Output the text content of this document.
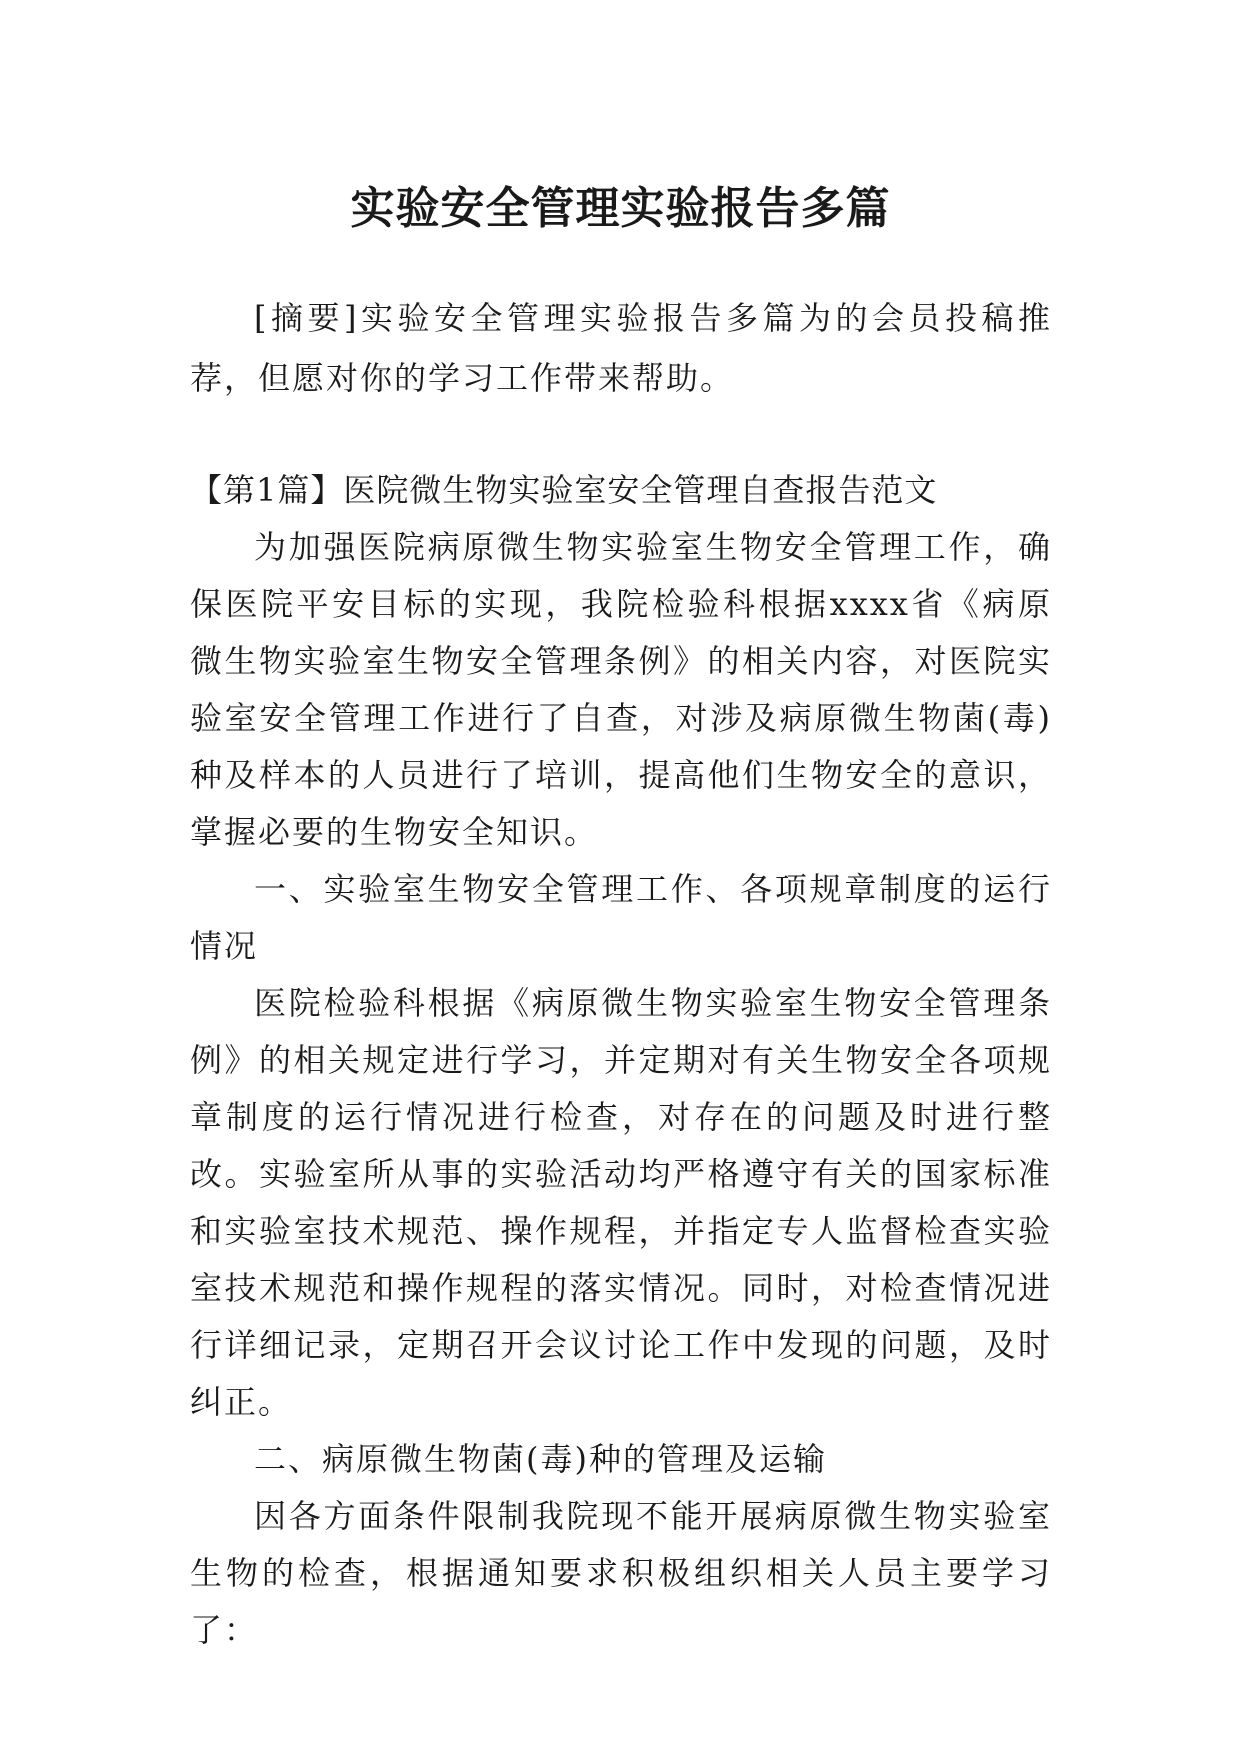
实验安全管理实验报告多篇

[摘要]实验安全管理实验报告多篇为的会员投稿推荐，但愿对你的学习工作带来帮助。

【第1篇】医院微生物实验室安全管理自查报告范文

为加强医院病原微生物实验室生物安全管理工作，确保医院平安目标的实现，我院检验科根据xxxx省《病原微生物实验室生物安全管理条例》的相关内容，对医院实验室安全管理工作进行了自查，对涉及病原微生物菌(毒)种及样本的人员进行了培训，提高他们生物安全的意识，掌握必要的生物安全知识。

一、实验室生物安全管理工作、各项规章制度的运行情况

医院检验科根据《病原微生物实验室生物安全管理条例》的相关规定进行学习，并定期对有关生物安全各项规章制度的运行情况进行检查，对存在的问题及时进行整改。实验室所从事的实验活动均严格遵守有关的国家标准和实验室技术规范、操作规程，并指定专人监督检查实验室技术规范和操作规程的落实情况。同时，对检查情况进行详细记录，定期召开会议讨论工作中发现的问题，及时纠正。

二、病原微生物菌(毒)种的管理及运输

因各方面条件限制我院现不能开展病原微生物实验室生物的检查，根据通知要求积极组织相关人员主要学习了：
